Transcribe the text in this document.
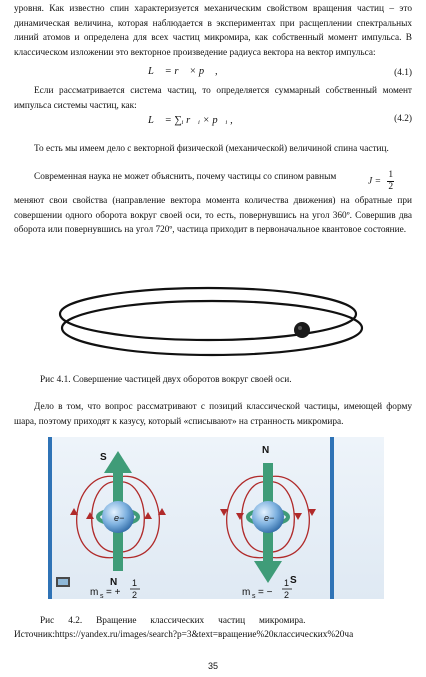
уровня. Как известно спин характеризуется механическим свойством вращения частиц – это динамическая величина, которая наблюдается в экспериментах при расщеплении спектральных линий атомов и определена для всех частиц микромира, как собственный момент импульса. В классическом изложении это векторное произведение радиуса вектора на вектор импульса:

L⃗ = r⃗ × p⃗ ,	(4.1)

Если рассматривается система частиц, то определяется суммарный собственный момент импульса системы частиц, как:

L⃗ = ∑ᵢ r⃗ᵢ × p⃗ᵢ ,	(4.2)

То есть мы имеем дело с векторной физической (механической) величиной спина частиц.

Современная наука не может объяснить, почему частицы со спином равным	$J = \frac{1}{2}$

меняют свои свойства (направление вектора момента количества движения) на обратные при совершении одного оборота вокруг своей оси, то есть, повернувшись на угол 360º. Совершив два оборота или повернувшись на угол 720º, частица приходит в первоначальное квантовое состояние.

Рис 4.1. Совершение частицей двух оборотов вокруг своей оси.

Дело в том, что вопрос рассматривают с позиций классической частицы, имеющей форму шара, поэтому приходят к казусу, который «списывают» на странность микромира.

S
e−
N
m s = +
1
2
N
e−
S
m s = −
1
2
Рис      4.2.      Вращение      классических      частиц      микромира.
Источник:https://yandex.ru/images/search?p=3&text=вращение%20классических%20ча
35
